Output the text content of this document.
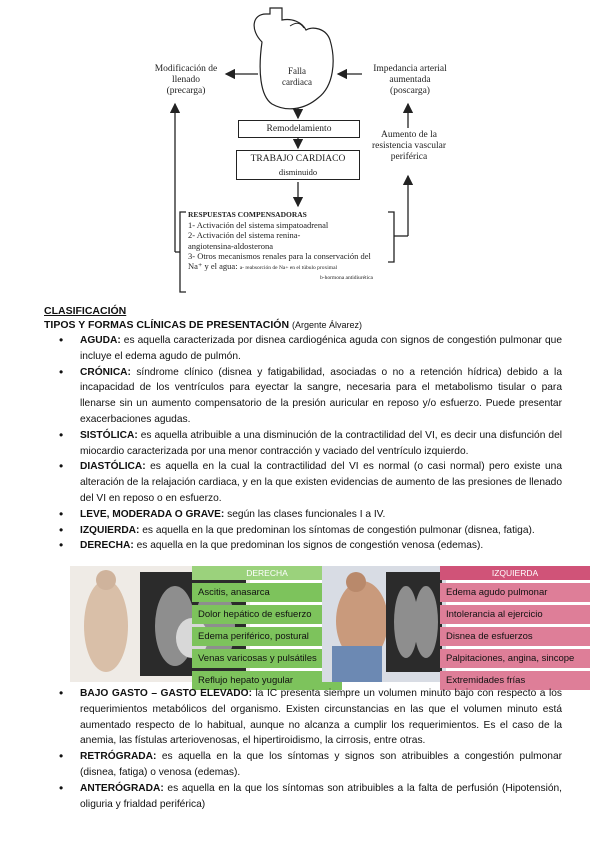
Modificación de
llenado
(precarga)
Falla
cardiaca
Impedancia arterial
aumentada
(poscarga)
Remodelamiento
TRABAJO CARDIACO
disminuido
Aumento de la
resistencia vascular
periférica
RESPUESTAS COMPENSADORAS
1- Activación del sistema simpatoadrenal
2- Activación del sistema renina-
angiotensina-aldosterona
3- Otros mecanismos renales para la conservación del
Na⁺ y el agua: a- reabsorción de Na+ en el túbulo proximal
b-hormona antidiurética
CLASIFICACIÓN
TIPOS Y FORMAS CLÍNICAS DE PRESENTACIÓN (Argente Álvarez)
• AGUDA: es aquella caracterizada por disnea cardiogénica aguda con signos de congestión pulmonar que incluye el edema agudo de pulmón.
• CRÓNICA: síndrome clínico (disnea y fatigabilidad, asociadas o no a retención hídrica) debido a la incapacidad de los ventrículos para eyectar la sangre, necesaria para el metabolismo tisular o para llenarse sin un aumento compensatorio de la presión auricular en reposo y/o esfuerzo. Puede presentar exacerbaciones agudas.
• SISTÓLICA: es aquella atribuible a una disminución de la contractilidad del VI, es decir una disfunción del miocardio caracterizada por una menor contracción y vaciado del ventrículo izquierdo.
• DIASTÓLICA: es aquella en la cual la contractilidad del VI es normal (o casi normal) pero existe una alteración de la relajación cardiaca, y en la que existen evidencias de aumento de las presiones de llenado del VI en reposo o en esfuerzo.
• LEVE, MODERADA O GRAVE: según las clases funcionales I a IV.
• IZQUIERDA: es aquella en la que predominan los síntomas de congestión pulmonar (disnea, fatiga).
• DERECHA: es aquella en la que predominan los signos de congestión venosa (edemas).
DERECHA
Ascitis, anasarca
Dolor hepático de esfuerzo
Edema periférico, postural
Venas varicosas y pulsátiles
Reflujo hepato yugular
IZQUIERDA
Edema agudo pulmonar
Intolerancia al ejercicio
Disnea de esfuerzos
Palpitaciones, angina, sincope
Extremidades frías
• BAJO GASTO – GASTO ELEVADO: la IC presenta siempre un volumen minuto bajo con respecto a los requerimientos metabólicos del organismo. Existen circunstancias en las que el volumen minuto está aumentado respecto de lo habitual, aunque no alcanza a cumplir los requerimientos. Es el caso de la anemia, las fístulas arteriovenosas, el hipertiroidismo, la cirrosis, entre otras.
• RETRÓGRADA: es aquella en la que los síntomas y signos son atribuibles a congestión pulmonar (disnea, fatiga) o venosa (edemas).
• ANTERÓGRADA: es aquella en la que los síntomas son atribuibles a la falta de perfusión (Hipotensión, oliguria y frialdad periférica)
